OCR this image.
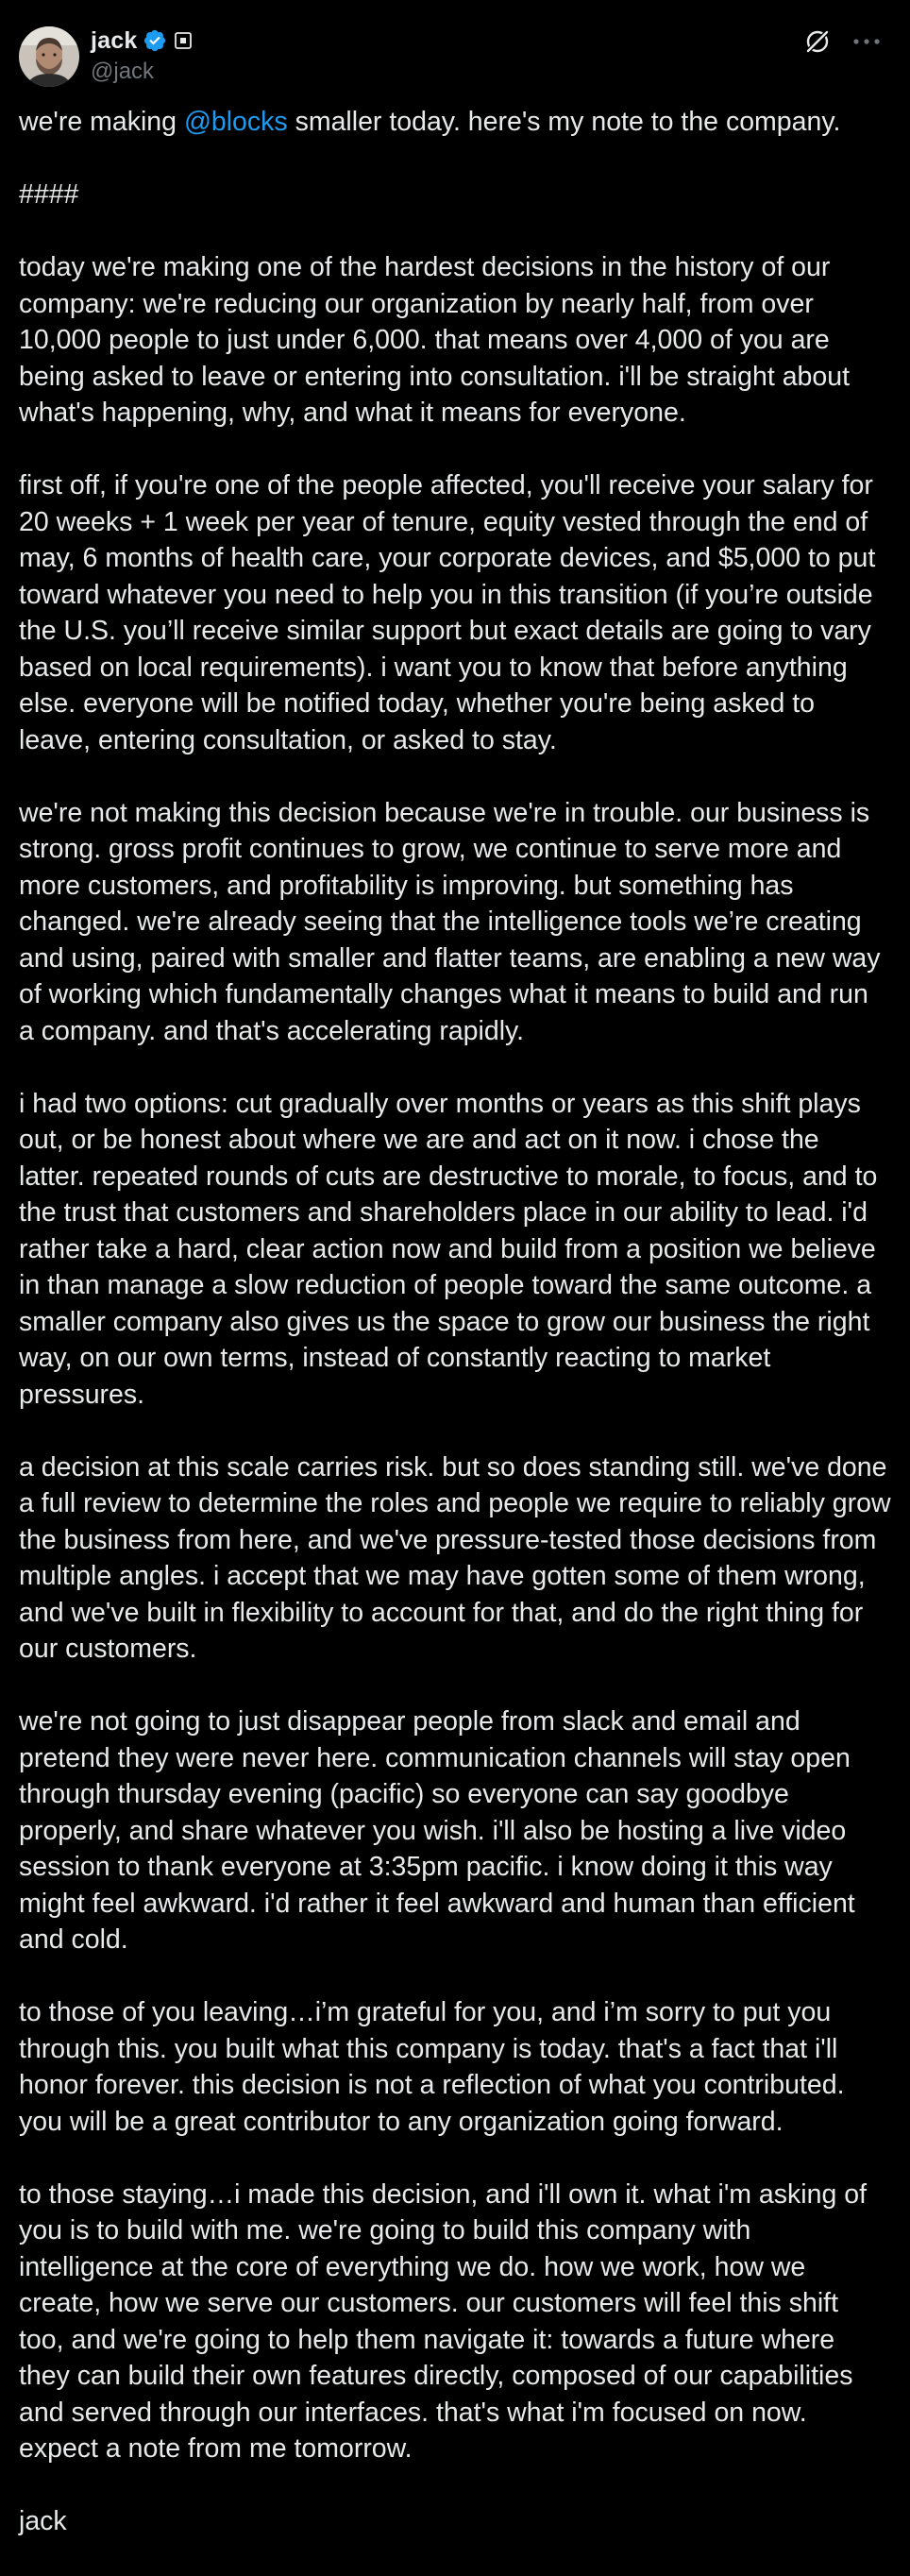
jack
@jack

we're making @blocks smaller today. here's my note to the company.

####

today we're making one of the hardest decisions in the history of our
company: we're reducing our organization by nearly half, from over
10,000 people to just under 6,000. that means over 4,000 of you are
being asked to leave or entering into consultation. i'll be straight about
what's happening, why, and what it means for everyone.

first off, if you're one of the people affected, you'll receive your salary for
20 weeks + 1 week per year of tenure, equity vested through the end of
may, 6 months of health care, your corporate devices, and $5,000 to put
toward whatever you need to help you in this transition (if you’re outside
the U.S. you’ll receive similar support but exact details are going to vary
based on local requirements). i want you to know that before anything
else. everyone will be notified today, whether you're being asked to
leave, entering consultation, or asked to stay.

we're not making this decision because we're in trouble. our business is
strong. gross profit continues to grow, we continue to serve more and
more customers, and profitability is improving. but something has
changed. we're already seeing that the intelligence tools we’re creating
and using, paired with smaller and flatter teams, are enabling a new way
of working which fundamentally changes what it means to build and run
a company. and that's accelerating rapidly.

i had two options: cut gradually over months or years as this shift plays
out, or be honest about where we are and act on it now. i chose the
latter. repeated rounds of cuts are destructive to morale, to focus, and to
the trust that customers and shareholders place in our ability to lead. i'd
rather take a hard, clear action now and build from a position we believe
in than manage a slow reduction of people toward the same outcome. a
smaller company also gives us the space to grow our business the right
way, on our own terms, instead of constantly reacting to market
pressures.

a decision at this scale carries risk. but so does standing still. we've done
a full review to determine the roles and people we require to reliably grow
the business from here, and we've pressure-tested those decisions from
multiple angles. i accept that we may have gotten some of them wrong,
and we've built in flexibility to account for that, and do the right thing for
our customers.

we're not going to just disappear people from slack and email and
pretend they were never here. communication channels will stay open
through thursday evening (pacific) so everyone can say goodbye
properly, and share whatever you wish. i'll also be hosting a live video
session to thank everyone at 3:35pm pacific. i know doing it this way
might feel awkward. i'd rather it feel awkward and human than efficient
and cold.

to those of you leaving…i’m grateful for you, and i’m sorry to put you
through this. you built what this company is today. that's a fact that i'll
honor forever. this decision is not a reflection of what you contributed.
you will be a great contributor to any organization going forward.

to those staying…i made this decision, and i'll own it. what i'm asking of
you is to build with me. we're going to build this company with
intelligence at the core of everything we do. how we work, how we
create, how we serve our customers. our customers will feel this shift
too, and we're going to help them navigate it: towards a future where
they can build their own features directly, composed of our capabilities
and served through our interfaces. that's what i'm focused on now.
expect a note from me tomorrow.

jack
